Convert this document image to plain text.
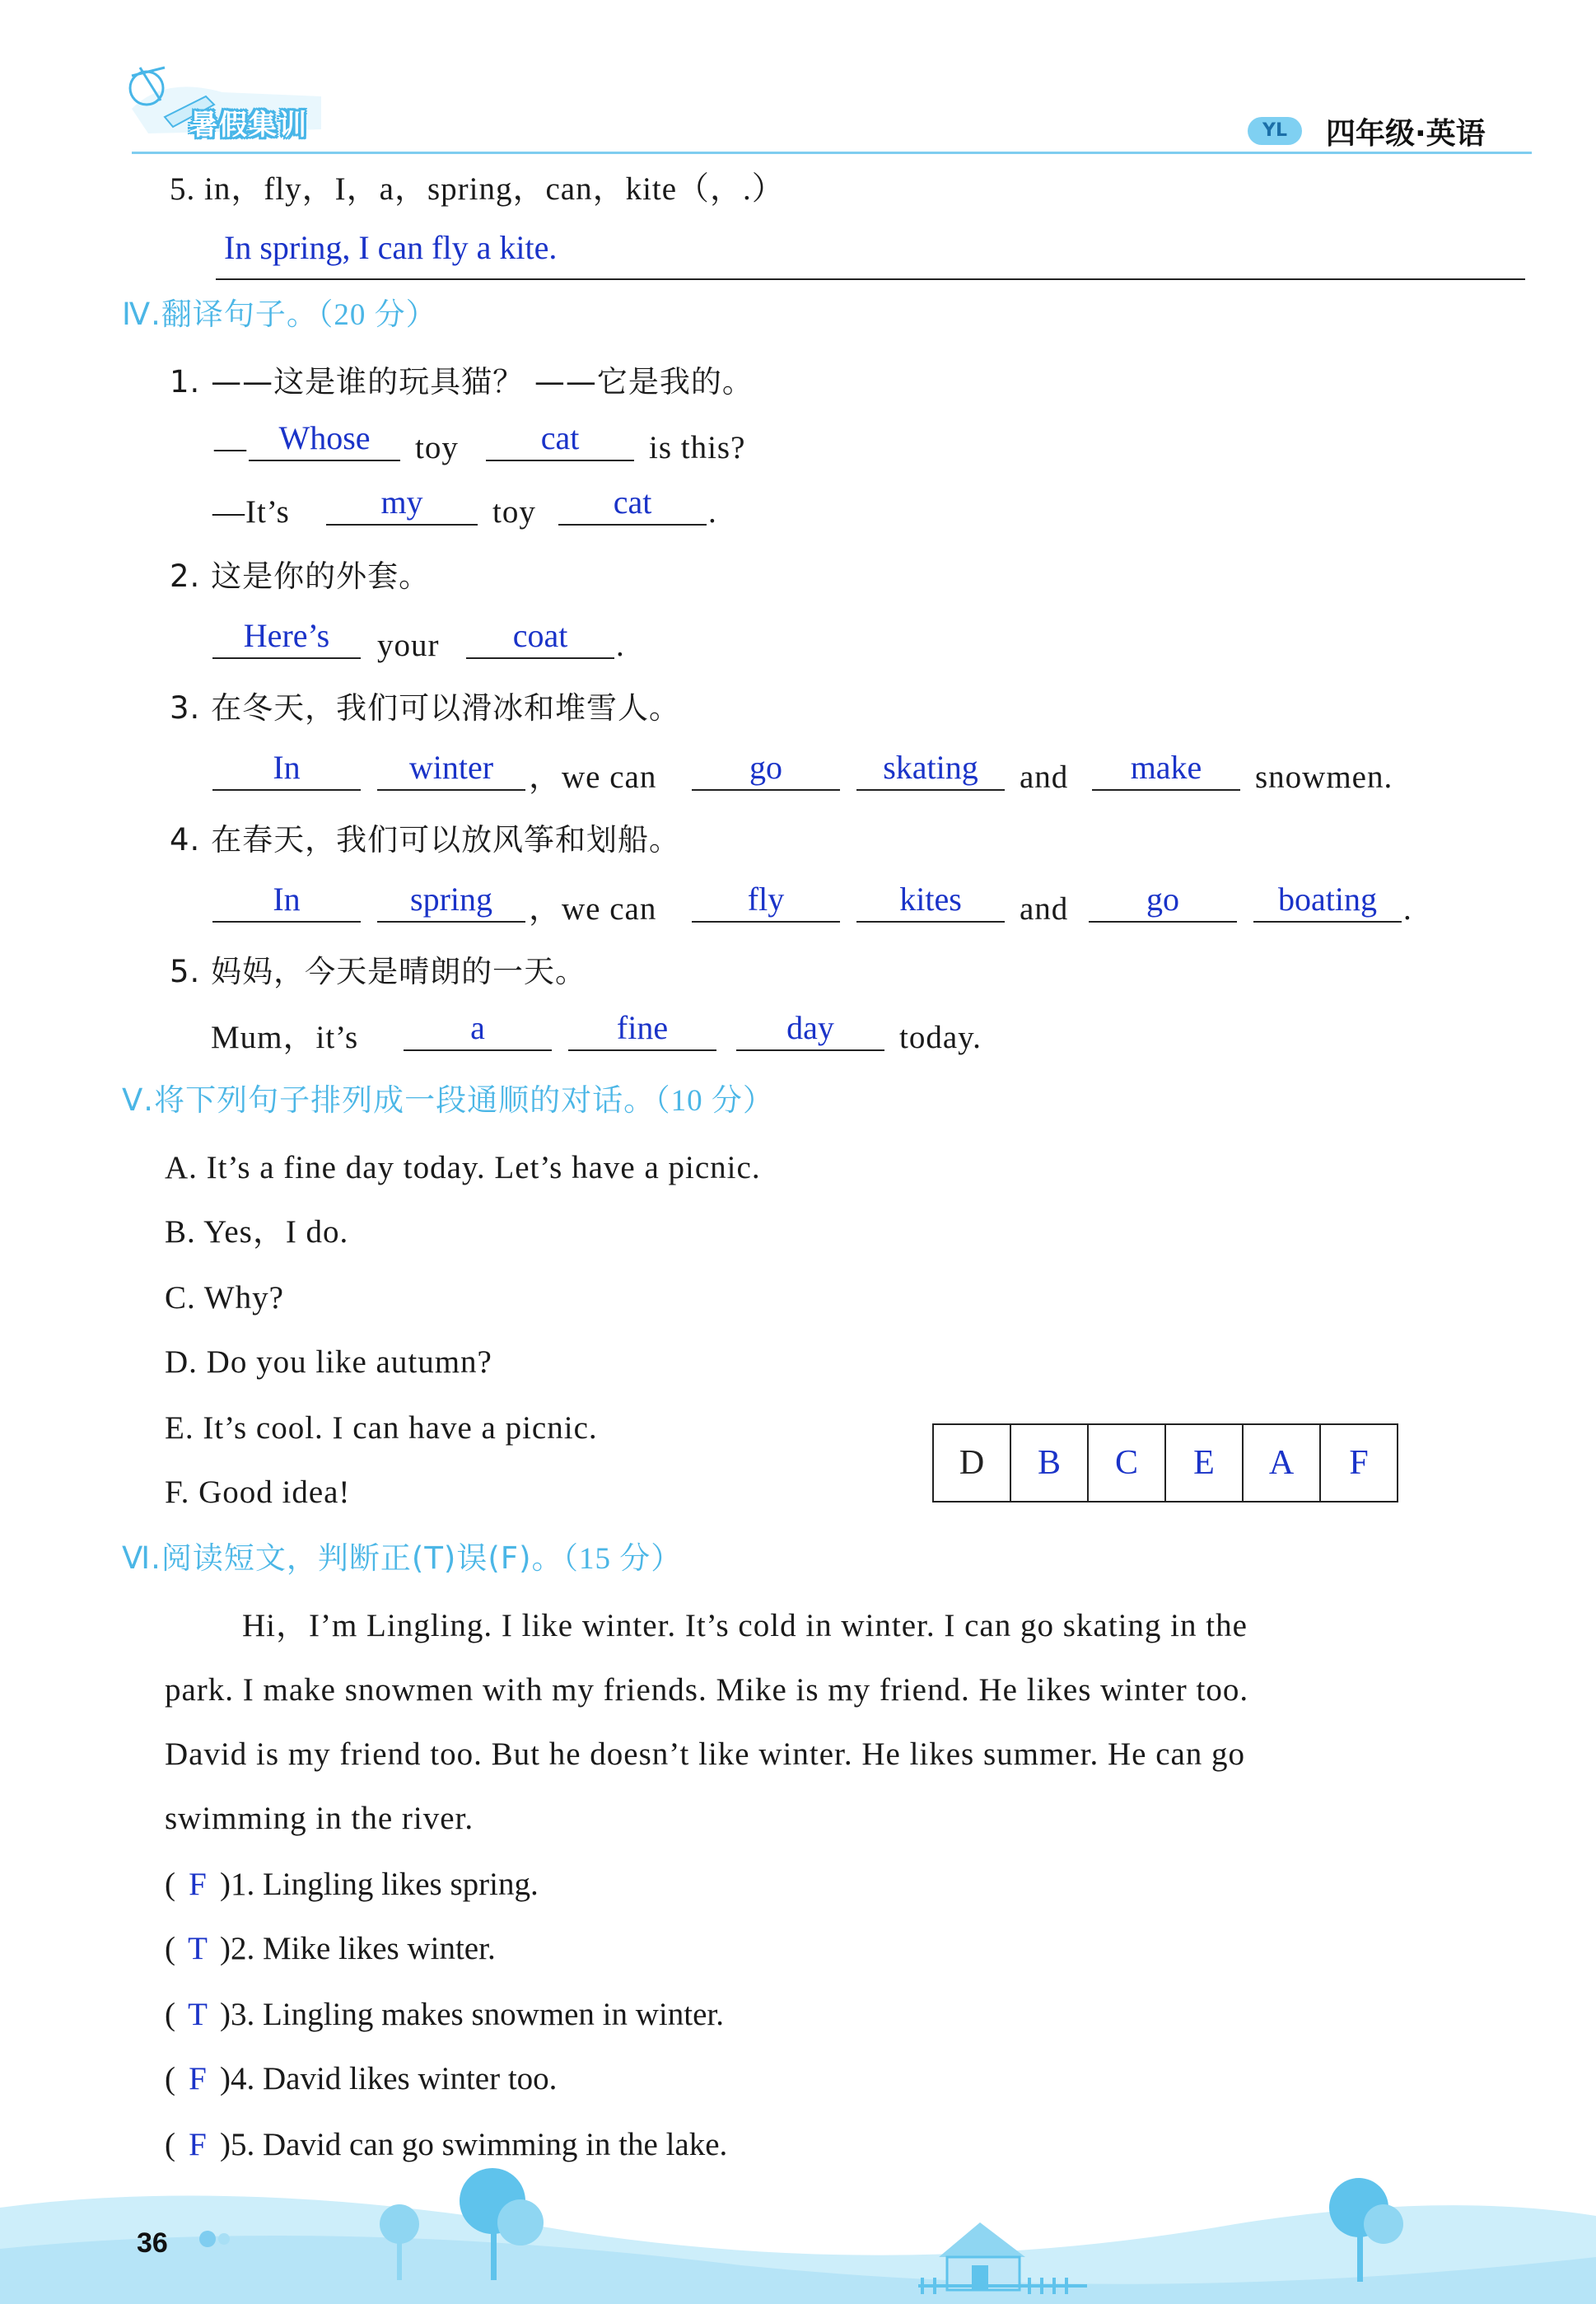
暑假集训	YL	四年级·英语
5. in，fly，I，a，spring，can，kite（，.）
In spring, I can fly a kite.
Ⅳ.翻译句子。（20 分）
1. ——这是谁的玩具猫？ ——它是我的。
— Whose	toy	cat	is this?
—It’s	my	toy	cat	.
2. 这是你的外套。
Here’s	your	coat	.
3. 在冬天，我们可以滑冰和堆雪人。
In	winter	，we can	go	skating	and	make	snowmen.
4. 在春天，我们可以放风筝和划船。
In	spring	，we can	fly	kites	and	go	boating .
5. 妈妈，今天是晴朗的一天。
Mum，it’s	a	fine	day	today.
Ⅴ.将下列句子排列成一段通顺的对话。（10 分）
A. It’s a fine day today. Let’s have a picnic.
B. Yes，I do.
C. Why?
D. Do you like autumn?
E. It’s cool. I can have a picnic.
F. Good idea!
D	B	C	E	A	F
Ⅵ.阅读短文，判断正(T)误(F)。（15 分）
Hi，I’m Lingling. I like winter. It’s cold in winter. I can go skating in the
park. I make snowmen with my friends. Mike is my friend. He likes winter too.
David is my friend too. But he doesn’t like winter. He likes summer. He can go
swimming in the river.
( F )1. Lingling likes spring.
( T )2. Mike likes winter.
( T )3. Lingling makes snowmen in winter.
( F )4. David likes winter too.
( F )5. David can go swimming in the lake.
36
